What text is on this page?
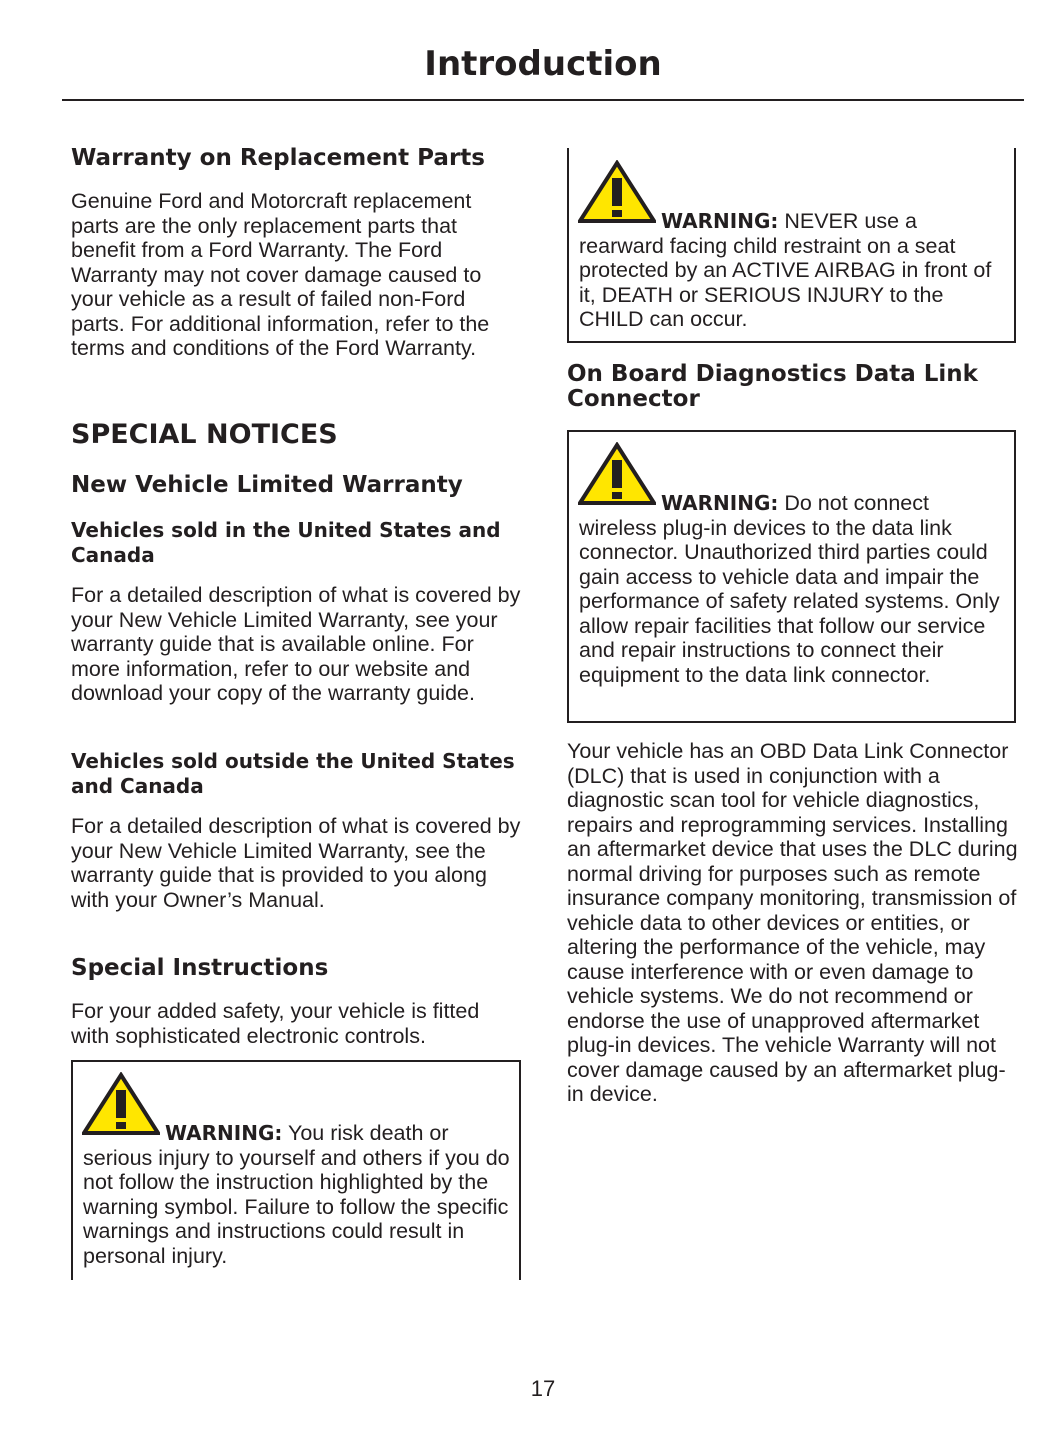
Introduction
Warranty on Replacement Parts

Genuine Ford and Motorcraft replacement parts are the only replacement parts that benefit from a Ford Warranty. The Ford Warranty may not cover damage caused to your vehicle as a result of failed non-Ford parts. For additional information, refer to the terms and conditions of the Ford Warranty.

SPECIAL NOTICES
New Vehicle Limited Warranty
Vehicles sold in the United States and Canada

For a detailed description of what is covered by your New Vehicle Limited Warranty, see your warranty guide that is available online. For more information, refer to our website and download your copy of the warranty guide.

Vehicles sold outside the United States and Canada

For a detailed description of what is covered by your New Vehicle Limited Warranty, see the warranty guide that is provided to you along with your Owner’s Manual.

Special Instructions

For your added safety, your vehicle is fitted with sophisticated electronic controls.

WARNING: You risk death or serious injury to yourself and others if you do not follow the instruction highlighted by the warning symbol. Failure to follow the specific warnings and instructions could result in personal injury.
WARNING: NEVER use a rearward facing child restraint on a seat protected by an ACTIVE AIRBAG in front of it, DEATH or SERIOUS INJURY to the CHILD can occur.
On Board Diagnostics Data Link Connector

Your vehicle has an OBD Data Link Connector (DLC) that is used in conjunction with a diagnostic scan tool for vehicle diagnostics, repairs and reprogramming services. Installing an aftermarket device that uses the DLC during normal driving for purposes such as remote insurance company monitoring, transmission of vehicle data to other devices or entities, or altering the performance of the vehicle, may cause interference with or even damage to vehicle systems. We do not recommend or endorse the use of unapproved aftermarket plug-in devices. The vehicle Warranty will not cover damage caused by an aftermarket plug-in device.

WARNING: Do not connect wireless plug-in devices to the data link connector. Unauthorized third parties could gain access to vehicle data and impair the performance of safety related systems. Only allow repair facilities that follow our service and repair instructions to connect their equipment to the data link connector.
17
